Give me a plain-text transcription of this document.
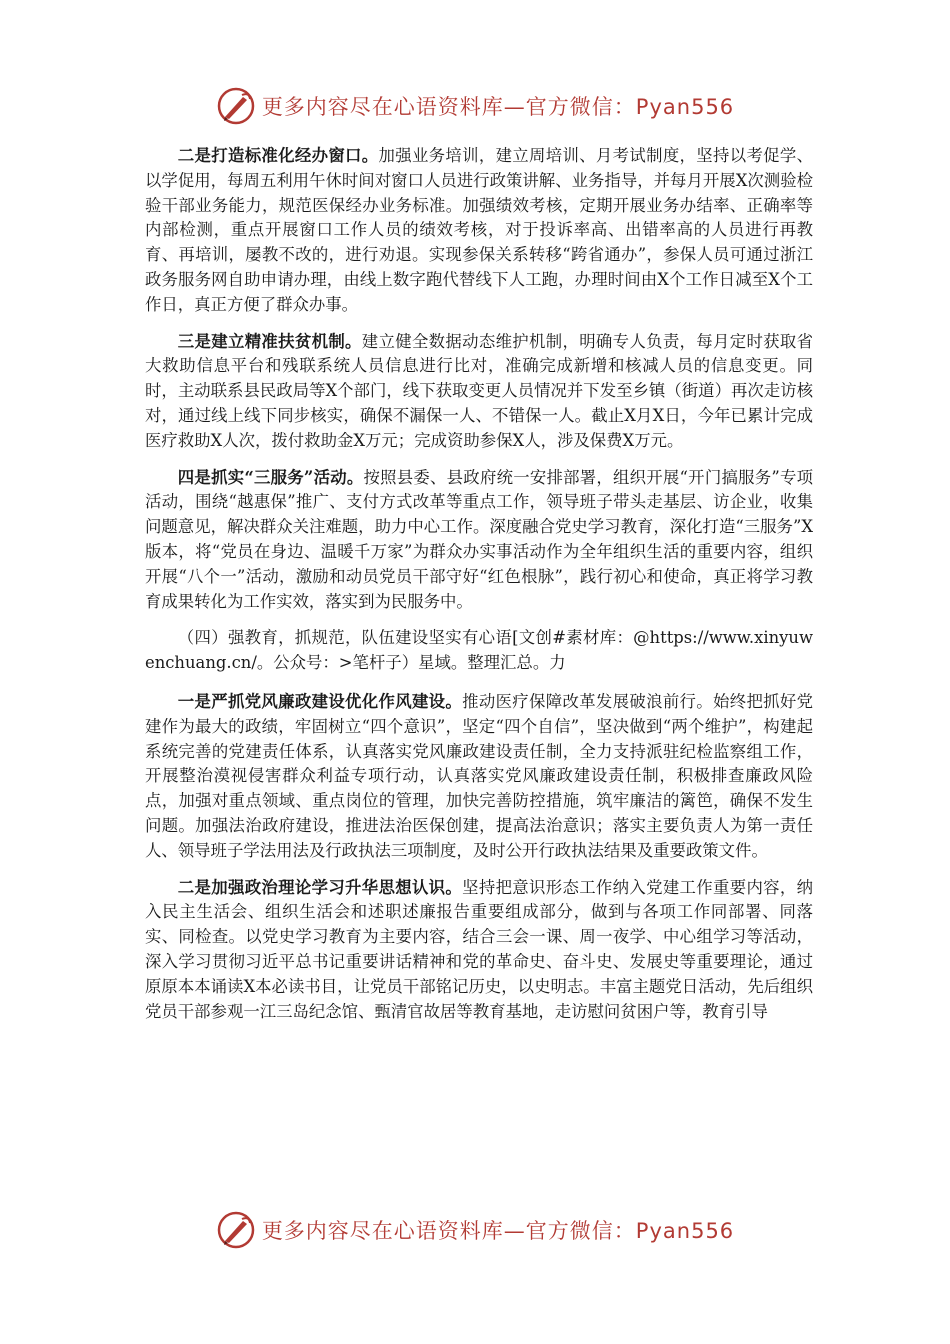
更多内容尽在心语资料库—官方微信：Pyan556

二是打造标准化经办窗口。加强业务培训，建立周培训、月考试制度，坚持以考促学、以学促用，每周五利用午休时间对窗口人员进行政策讲解、业务指导，并每月开展X次测验检验干部业务能力，规范医保经办业务标准。加强绩效考核，定期开展业务办结率、正确率等内部检测，重点开展窗口工作人员的绩效考核，对于投诉率高、出错率高的人员进行再教育、再培训，屡教不改的，进行劝退。实现参保关系转移“跨省通办”，参保人员可通过浙江政务服务网自助申请办理，由线上数字跑代替线下人工跑，办理时间由X个工作日减至X个工作日，真正方便了群众办事。

三是建立精准扶贫机制。建立健全数据动态维护机制，明确专人负责，每月定时获取省大救助信息平台和残联系统人员信息进行比对，准确完成新增和核减人员的信息变更。同时，主动联系县民政局等X个部门，线下获取变更人员情况并下发至乡镇（街道）再次走访核对，通过线上线下同步核实，确保不漏保一人、不错保一人。截止X月X日，今年已累计完成医疗救助X人次，拨付救助金X万元；完成资助参保X人，涉及保费X万元。

四是抓实“三服务”活动。按照县委、县政府统一安排部署，组织开展“开门搞服务”专项活动，围绕“越惠保”推广、支付方式改革等重点工作，领导班子带头走基层、访企业，收集问题意见，解决群众关注难题，助力中心工作。深度融合党史学习教育，深化打造“三服务”X版本，将“党员在身边、温暖千万家”为群众办实事活动作为全年组织生活的重要内容，组织开展“八个一”活动，激励和动员党员干部守好“红色根脉”，践行初心和使命，真正将学习教育成果转化为工作实效，落实到为民服务中。

（四）强教育，抓规范，队伍建设坚实有心语[文创#素材库：@https://www.xinyuwenchuang.cn/。公众号：>笔杆子）星域。整理汇总。力

一是严抓党风廉政建设优化作风建设。推动医疗保障改革发展破浪前行。始终把抓好党建作为最大的政绩，牢固树立“四个意识”，坚定“四个自信”，坚决做到“两个维护”，构建起系统完善的党建责任体系，认真落实党风廉政建设责任制，全力支持派驻纪检监察组工作，开展整治漠视侵害群众利益专项行动，认真落实党风廉政建设责任制，积极排查廉政风险点，加强对重点领域、重点岗位的管理，加快完善防控措施，筑牢廉洁的篱笆，确保不发生问题。加强法治政府建设，推进法治医保创建，提高法治意识；落实主要负责人为第一责任人、领导班子学法用法及行政执法三项制度，及时公开行政执法结果及重要政策文件。

二是加强政治理论学习升华思想认识。坚持把意识形态工作纳入党建工作重要内容，纳入民主生活会、组织生活会和述职述廉报告重要组成部分，做到与各项工作同部署、同落实、同检查。以党史学习教育为主要内容，结合三会一课、周一夜学、中心组学习等活动，深入学习贯彻习近平总书记重要讲话精神和党的革命史、奋斗史、发展史等重要理论，通过原原本本诵读X本必读书目，让党员干部铭记历史，以史明志。丰富主题党日活动，先后组织党员干部参观一江三岛纪念馆、甄清官故居等教育基地，走访慰问贫困户等，教育引导

更多内容尽在心语资料库—官方微信：Pyan556
